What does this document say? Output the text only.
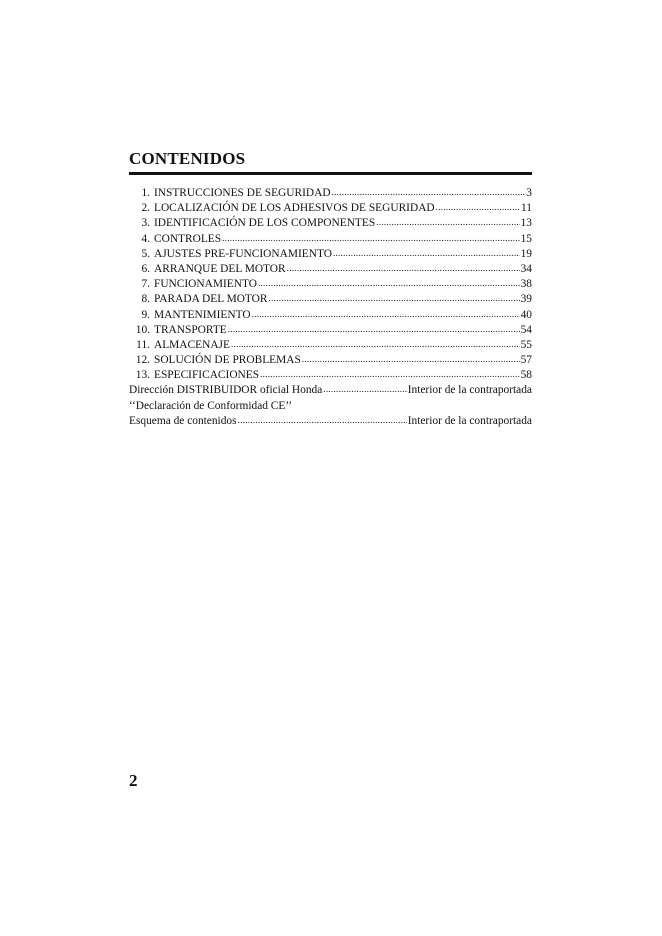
CONTENIDOS
1. INSTRUCCIONES DE SEGURIDAD .....	3
2. LOCALIZACIÓN DE LOS ADHESIVOS DE SEGURIDAD .....	11
3. IDENTIFICACIÓN DE LOS COMPONENTES .....	13
4. CONTROLES .....	15
5. AJUSTES PRE-FUNCIONAMIENTO .....	19
6. ARRANQUE DEL MOTOR .....	34
7. FUNCIONAMIENTO .....	38
8. PARADA DEL MOTOR .....	39
9. MANTENIMIENTO .....	40
10. TRANSPORTE .....	54
11. ALMACENAJE .....	55
12. SOLUCIÓN DE PROBLEMAS .....	57
13. ESPECIFICACIONES .....	58
Dirección DISTRIBUIDOR oficial Honda .....	Interior de la contraportada
‘‘Declaración de Conformidad CE’’
Esquema de contenidos .....	Interior de la contraportada

2
